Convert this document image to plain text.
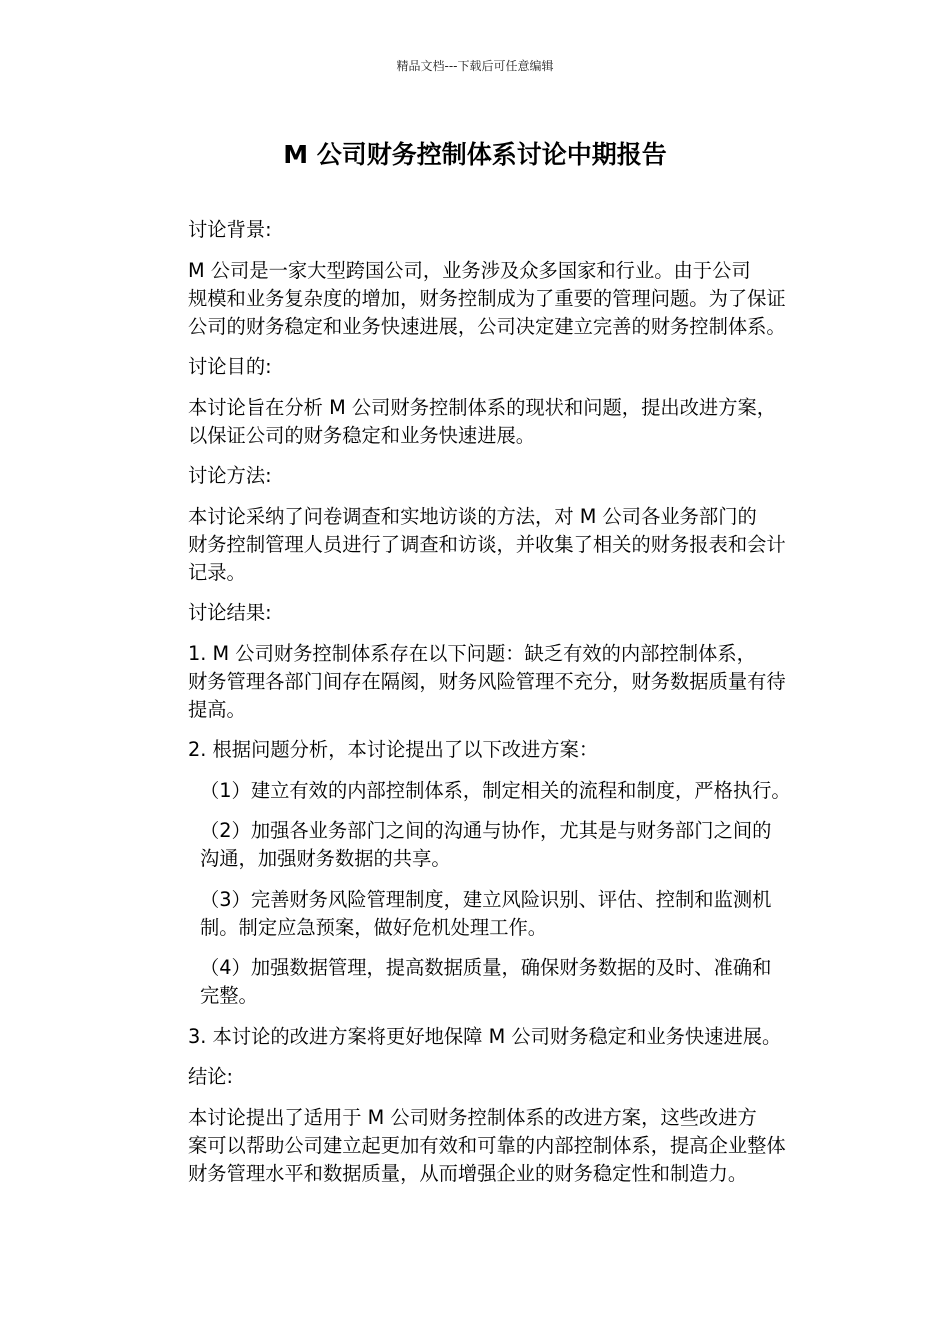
精品文档---下载后可任意编辑
M 公司财务控制体系讨论中期报告

讨论背景:

M 公司是一家大型跨国公司，业务涉及众多国家和行业。由于公司
规模和业务复杂度的增加，财务控制成为了重要的管理问题。为了保证
公司的财务稳定和业务快速进展，公司决定建立完善的财务控制体系。

讨论目的:

本讨论旨在分析 M 公司财务控制体系的现状和问题，提出改进方案，
以保证公司的财务稳定和业务快速进展。

讨论方法:

本讨论采纳了问卷调查和实地访谈的方法，对 M 公司各业务部门的
财务控制管理人员进行了调查和访谈，并收集了相关的财务报表和会计
记录。

讨论结果:

1. M 公司财务控制体系存在以下问题：缺乏有效的内部控制体系，
财务管理各部门间存在隔阂，财务风险管理不充分，财务数据质量有待
提高。

2. 根据问题分析，本讨论提出了以下改进方案：

（1）建立有效的内部控制体系，制定相关的流程和制度，严格执行。

（2）加强各业务部门之间的沟通与协作，尤其是与财务部门之间的
沟通，加强财务数据的共享。

（3）完善财务风险管理制度，建立风险识别、评估、控制和监测机
制。制定应急预案，做好危机处理工作。

（4）加强数据管理，提高数据质量，确保财务数据的及时、准确和
完整。

3. 本讨论的改进方案将更好地保障 M 公司财务稳定和业务快速进展。

结论:

本讨论提出了适用于 M 公司财务控制体系的改进方案，这些改进方
案可以帮助公司建立起更加有效和可靠的内部控制体系，提高企业整体
财务管理水平和数据质量，从而增强企业的财务稳定性和制造力。
